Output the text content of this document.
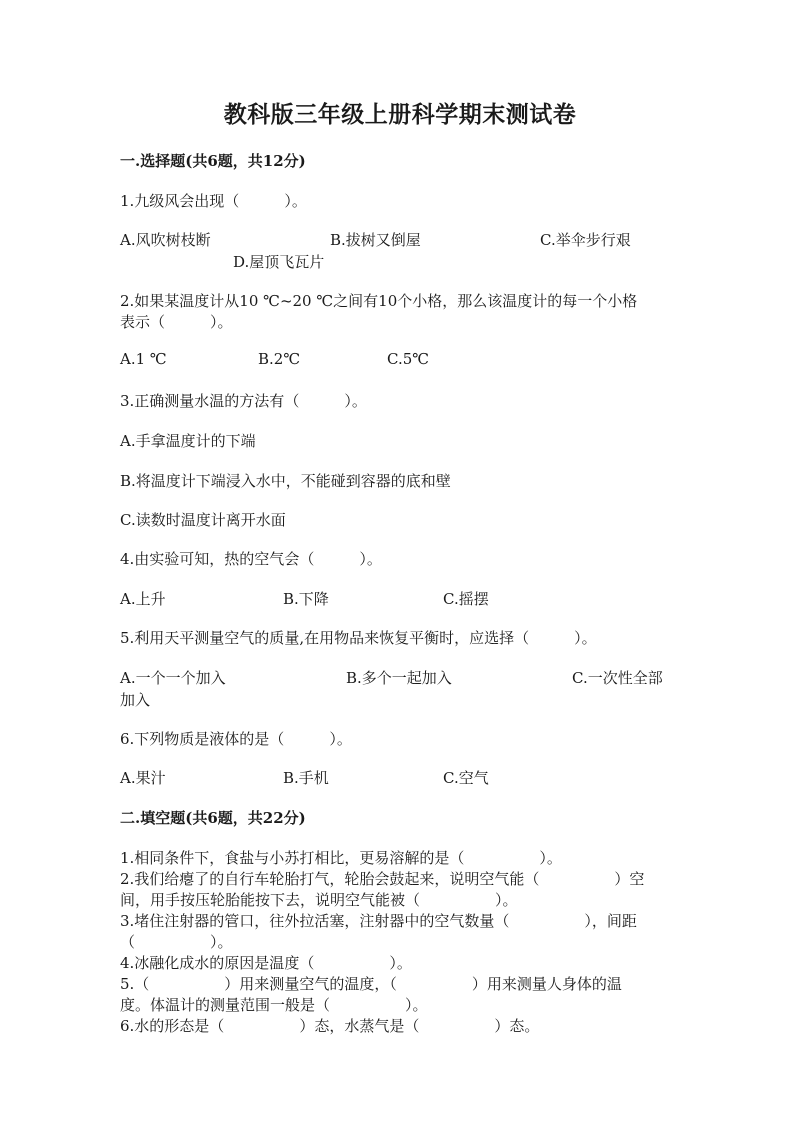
教科版三年级上册科学期末测试卷
一.选择题(共6题，共12分)
1.九级风会出现（　　　）。
A.风吹树枝断	B.拔树又倒屋	C.举伞步行艰
D.屋顶飞瓦片
2.如果某温度计从10 ℃~20 ℃之间有10个小格，那么该温度计的每一个小格
表示（　　　）。
A.1 ℃	B.2℃	C.5℃
3.正确测量水温的方法有（　　　）。
A.手拿温度计的下端
B.将温度计下端浸入水中，不能碰到容器的底和壁
C.读数时温度计离开水面
4.由实验可知，热的空气会（　　　）。
A.上升	B.下降	C.摇摆
5.利用天平测量空气的质量,在用物品来恢复平衡时，应选择（　　　）。
A.一个一个加入	B.多个一起加入	C.一次性全部
加入
6.下列物质是液体的是（　　　）。
A.果汁	B.手机	C.空气
二.填空题(共6题，共22分)
1.相同条件下，食盐与小苏打相比，更易溶解的是（　　　　　）。
2.我们给瘪了的自行车轮胎打气，轮胎会鼓起来，说明空气能（　　　　　）空
间，用手按压轮胎能按下去，说明空气能被（　　　　　）。
3.堵住注射器的管口，往外拉活塞，注射器中的空气数量（　　　　　），间距
（　　　　　）。
4.冰融化成水的原因是温度（　　　　　）。
5.（　　　　　）用来测量空气的温度，（　　　　　）用来测量人身体的温
度。体温计的测量范围一般是（　　　　　）。
6.水的形态是（　　　　　）态，水蒸气是（　　　　　）态。
